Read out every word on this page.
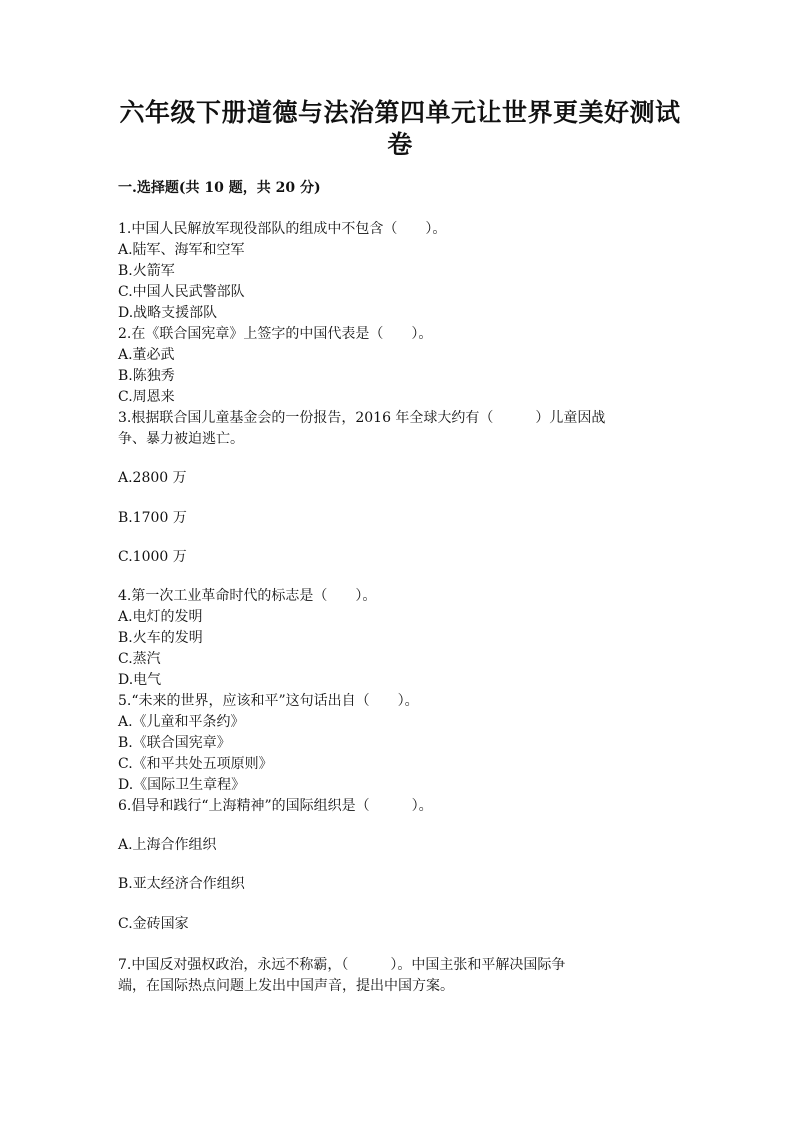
六年级下册道德与法治第四单元让世界更美好测试
卷
一.选择题(共 10 题，共 20 分)
1.中国人民解放军现役部队的组成中不包含（　　）。
A.陆军、海军和空军
B.火箭军
C.中国人民武警部队
D.战略支援部队
2.在《联合国宪章》上签字的中国代表是（　　）。
A.董必武
B.陈独秀
C.周恩来
3.根据联合国儿童基金会的一份报告，2016 年全球大约有（　　　）儿童因战
争、暴力被迫逃亡。
A.2800 万
B.1700 万
C.1000 万
4.第一次工业革命时代的标志是（　　）。
A.电灯的发明
B.火车的发明
C.蒸汽
D.电气
5.“未来的世界，应该和平”这句话出自（　　）。
A.《儿童和平条约》
B.《联合国宪章》
C.《和平共处五项原则》
D.《国际卫生章程》
6.倡导和践行“上海精神”的国际组织是（　　　）。
A.上海合作组织
B.亚太经济合作组织
C.金砖国家
7.中国反对强权政治，永远不称霸，（　　　）。中国主张和平解决国际争
端，在国际热点问题上发出中国声音，提出中国方案。
